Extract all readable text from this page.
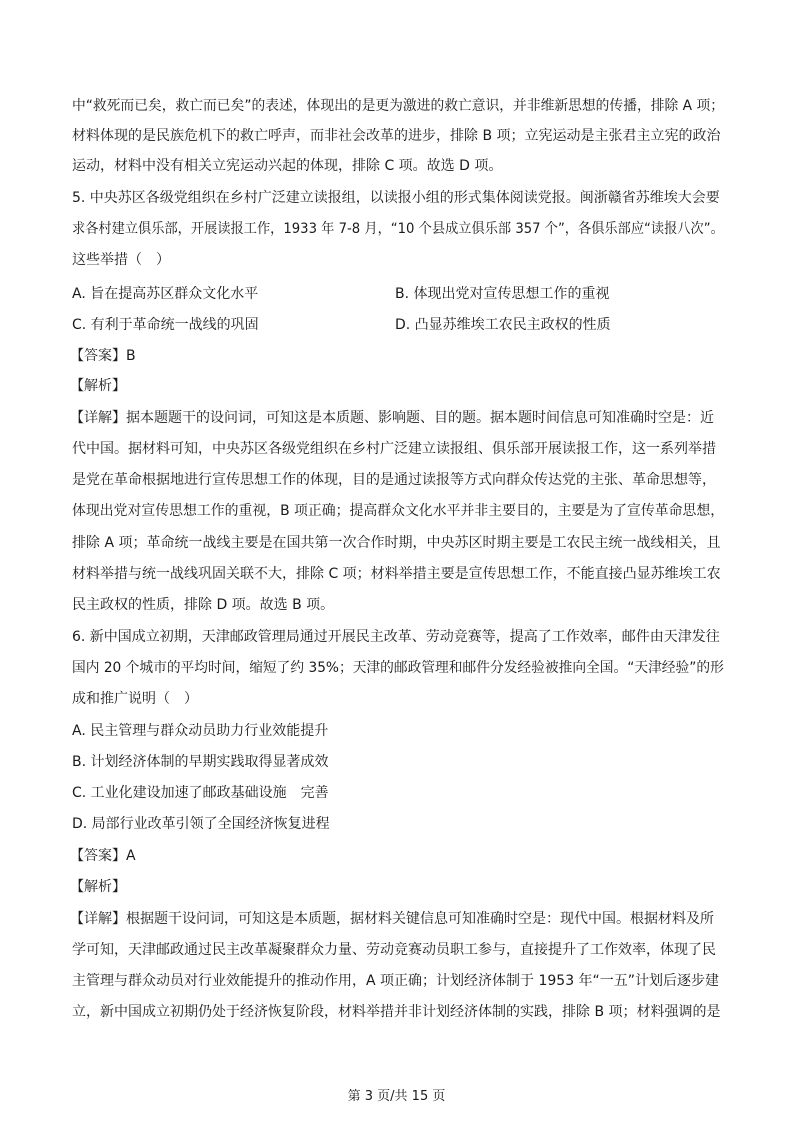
中“救死而已矣，救亡而已矣”的表述，体现出的是更为激进的救亡意识，并非维新思想的传播，排除 A 项；
材料体现的是民族危机下的救亡呼声，而非社会改革的进步，排除 B 项；立宪运动是主张君主立宪的政治
运动，材料中没有相关立宪运动兴起的体现，排除 C 项。故选 D 项。
5. 中央苏区各级党组织在乡村广泛建立读报组，以读报小组的形式集体阅读党报。闽浙赣省苏维埃大会要
求各村建立俱乐部，开展读报工作，1933 年 7-8 月，“10 个县成立俱乐部 357 个”，各俱乐部应“读报八次”。
这些举措（　）
A. 旨在提高苏区群众文化水平	B. 体现出党对宣传思想工作的重视
C. 有利于革命统一战线的巩固	D. 凸显苏维埃工农民主政权的性质
【答案】B
【解析】
【详解】据本题题干的设问词，可知这是本质题、影响题、目的题。据本题时间信息可知准确时空是：近
代中国。据材料可知，中央苏区各级党组织在乡村广泛建立读报组、俱乐部开展读报工作，这一系列举措
是党在革命根据地进行宣传思想工作的体现，目的是通过读报等方式向群众传达党的主张、革命思想等，
体现出党对宣传思想工作的重视，B 项正确；提高群众文化水平并非主要目的，主要是为了宣传革命思想，
排除 A 项；革命统一战线主要是在国共第一次合作时期，中央苏区时期主要是工农民主统一战线相关，且
材料举措与统一战线巩固关联不大，排除 C 项；材料举措主要是宣传思想工作，不能直接凸显苏维埃工农
民主政权的性质，排除 D 项。故选 B 项。
6. 新中国成立初期，天津邮政管理局通过开展民主改革、劳动竞赛等，提高了工作效率，邮件由天津发往
国内 20 个城市的平均时间，缩短了约 35%；天津的邮政管理和邮件分发经验被推向全国。“天津经验”的形
成和推广说明（　）
A. 民主管理与群众动员助力行业效能提升
B. 计划经济体制的早期实践取得显著成效
C. 工业化建设加速了邮政基础设施　完善
D. 局部行业改革引领了全国经济恢复进程
【答案】A
【解析】
【详解】根据题干设问词，可知这是本质题，据材料关键信息可知准确时空是：现代中国。根据材料及所
学可知，天津邮政通过民主改革凝聚群众力量、劳动竞赛动员职工参与，直接提升了工作效率，体现了民
主管理与群众动员对行业效能提升的推动作用，A 项正确；计划经济体制于 1953 年“一五”计划后逐步建
立，新中国成立初期仍处于经济恢复阶段，材料举措并非计划经济体制的实践，排除 B 项；材料强调的是
第 3 页/共 15 页
